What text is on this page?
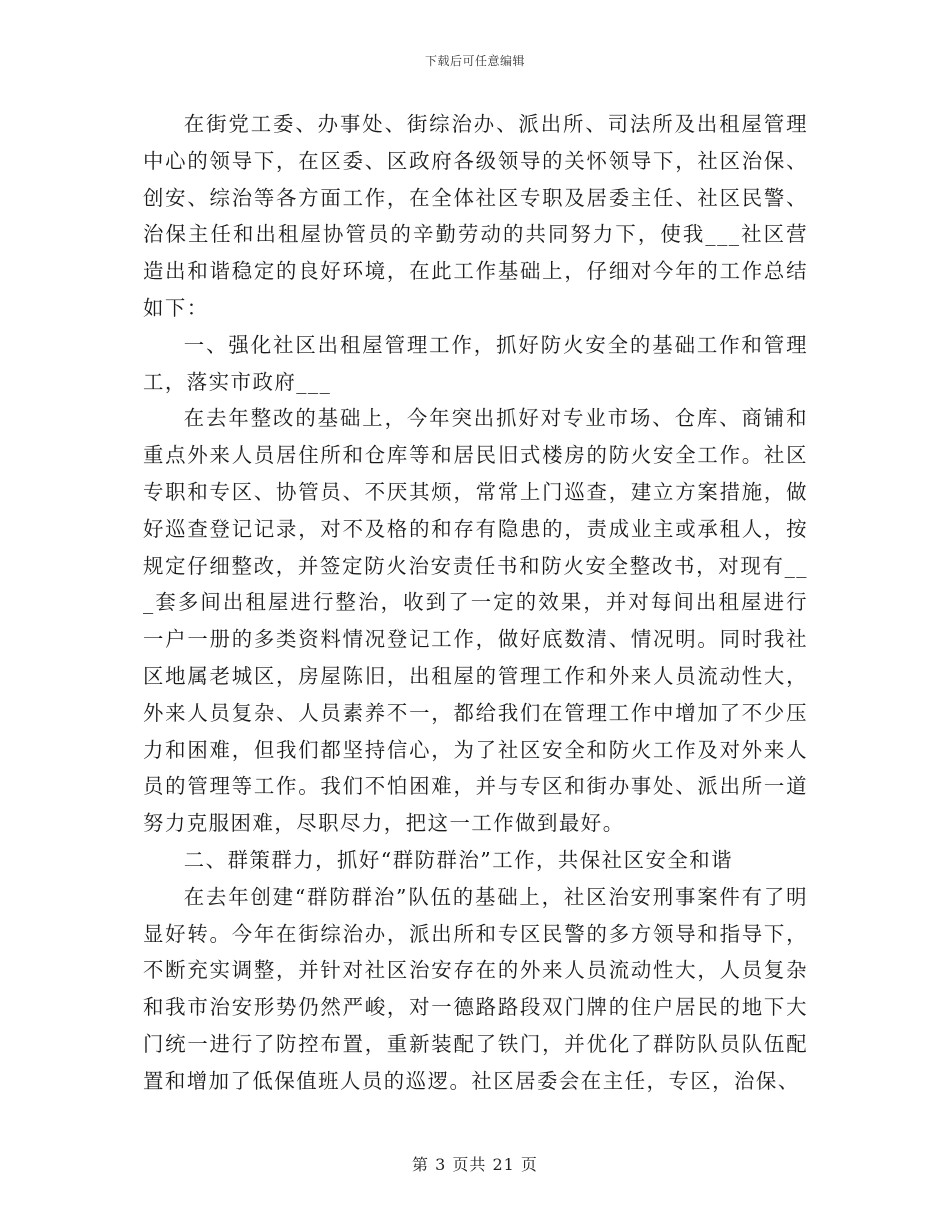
下载后可任意编辑

在街党工委、办事处、街综治办、派出所、司法所及出租屋管理中心的领导下，在区委、区政府各级领导的关怀领导下，社区治保、创安、综治等各方面工作，在全体社区专职及居委主任、社区民警、治保主任和出租屋协管员的辛勤劳动的共同努力下，使我___社区营造出和谐稳定的良好环境，在此工作基础上，仔细对今年的工作总结如下：

一、强化社区出租屋管理工作，抓好防火安全的基础工作和管理工，落实市政府___

在去年整改的基础上，今年突出抓好对专业市场、仓库、商铺和重点外来人员居住所和仓库等和居民旧式楼房的防火安全工作。社区专职和专区、协管员、不厌其烦，常常上门巡查，建立方案措施，做好巡查登记记录，对不及格的和存有隐患的，责成业主或承租人，按规定仔细整改，并签定防火治安责任书和防火安全整改书，对现有___套多间出租屋进行整治，收到了一定的效果，并对每间出租屋进行一户一册的多类资料情况登记工作，做好底数清、情况明。同时我社区地属老城区，房屋陈旧，出租屋的管理工作和外来人员流动性大，外来人员复杂、人员素养不一，都给我们在管理工作中增加了不少压力和困难，但我们都坚持信心，为了社区安全和防火工作及对外来人员的管理等工作。我们不怕困难，并与专区和街办事处、派出所一道努力克服困难，尽职尽力，把这一工作做到最好。

二、群策群力，抓好“群防群治”工作，共保社区安全和谐

在去年创建“群防群治”队伍的基础上，社区治安刑事案件有了明显好转。今年在街综治办，派出所和专区民警的多方领导和指导下，不断充实调整，并针对社区治安存在的外来人员流动性大，人员复杂和我市治安形势仍然严峻，对一德路路段双门牌的住户居民的地下大门统一进行了防控布置，重新装配了铁门，并优化了群防队员队伍配置和增加了低保值班人员的巡逻。社区居委会在主任，专区，治保、

第 3 页共 21 页
